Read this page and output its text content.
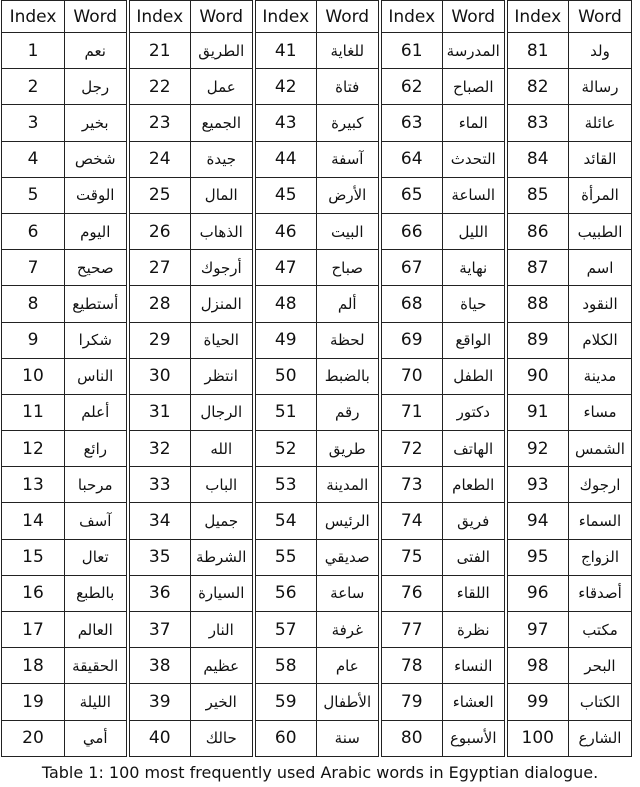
Index	Word	Index	Word	Index	Word	Index	Word	Index	Word
1	نعم	21	الطريق	41	للغاية	61	المدرسة	81	ولد
2	رجل	22	عمل	42	فتاة	62	الصباح	82	رسالة
3	بخير	23	الجميع	43	كبيرة	63	الماء	83	عائلة
4	شخص	24	جيدة	44	آسفة	64	التحدث	84	القائد
5	الوقت	25	المال	45	الأرض	65	الساعة	85	المرأة
6	اليوم	26	الذهاب	46	البيت	66	الليل	86	الطبيب
7	صحيح	27	أرجوك	47	صباح	67	نهاية	87	اسم
8	أستطيع	28	المنزل	48	ألم	68	حياة	88	النقود
9	شكرا	29	الحياة	49	لحظة	69	الواقع	89	الكلام
10	الناس	30	انتظر	50	بالضبط	70	الطفل	90	مدينة
11	أعلم	31	الرجال	51	رقم	71	دكتور	91	مساء
12	رائع	32	الله	52	طريق	72	الهاتف	92	الشمس
13	مرحبا	33	الباب	53	المدينة	73	الطعام	93	ارجوك
14	آسف	34	جميل	54	الرئيس	74	فريق	94	السماء
15	تعال	35	الشرطة	55	صديقي	75	الفتى	95	الزواج
16	بالطبع	36	السيارة	56	ساعة	76	اللقاء	96	أصدقاء
17	العالم	37	النار	57	غرفة	77	نظرة	97	مكتب
18	الحقيقة	38	عظيم	58	عام	78	النساء	98	البحر
19	الليلة	39	الخير	59	الأطفال	79	العشاء	99	الكتاب
20	أمي	40	حالك	60	سنة	80	الأسبوع	100	الشارع
Table 1: 100 most frequently used Arabic words in Egyptian dialogue.
